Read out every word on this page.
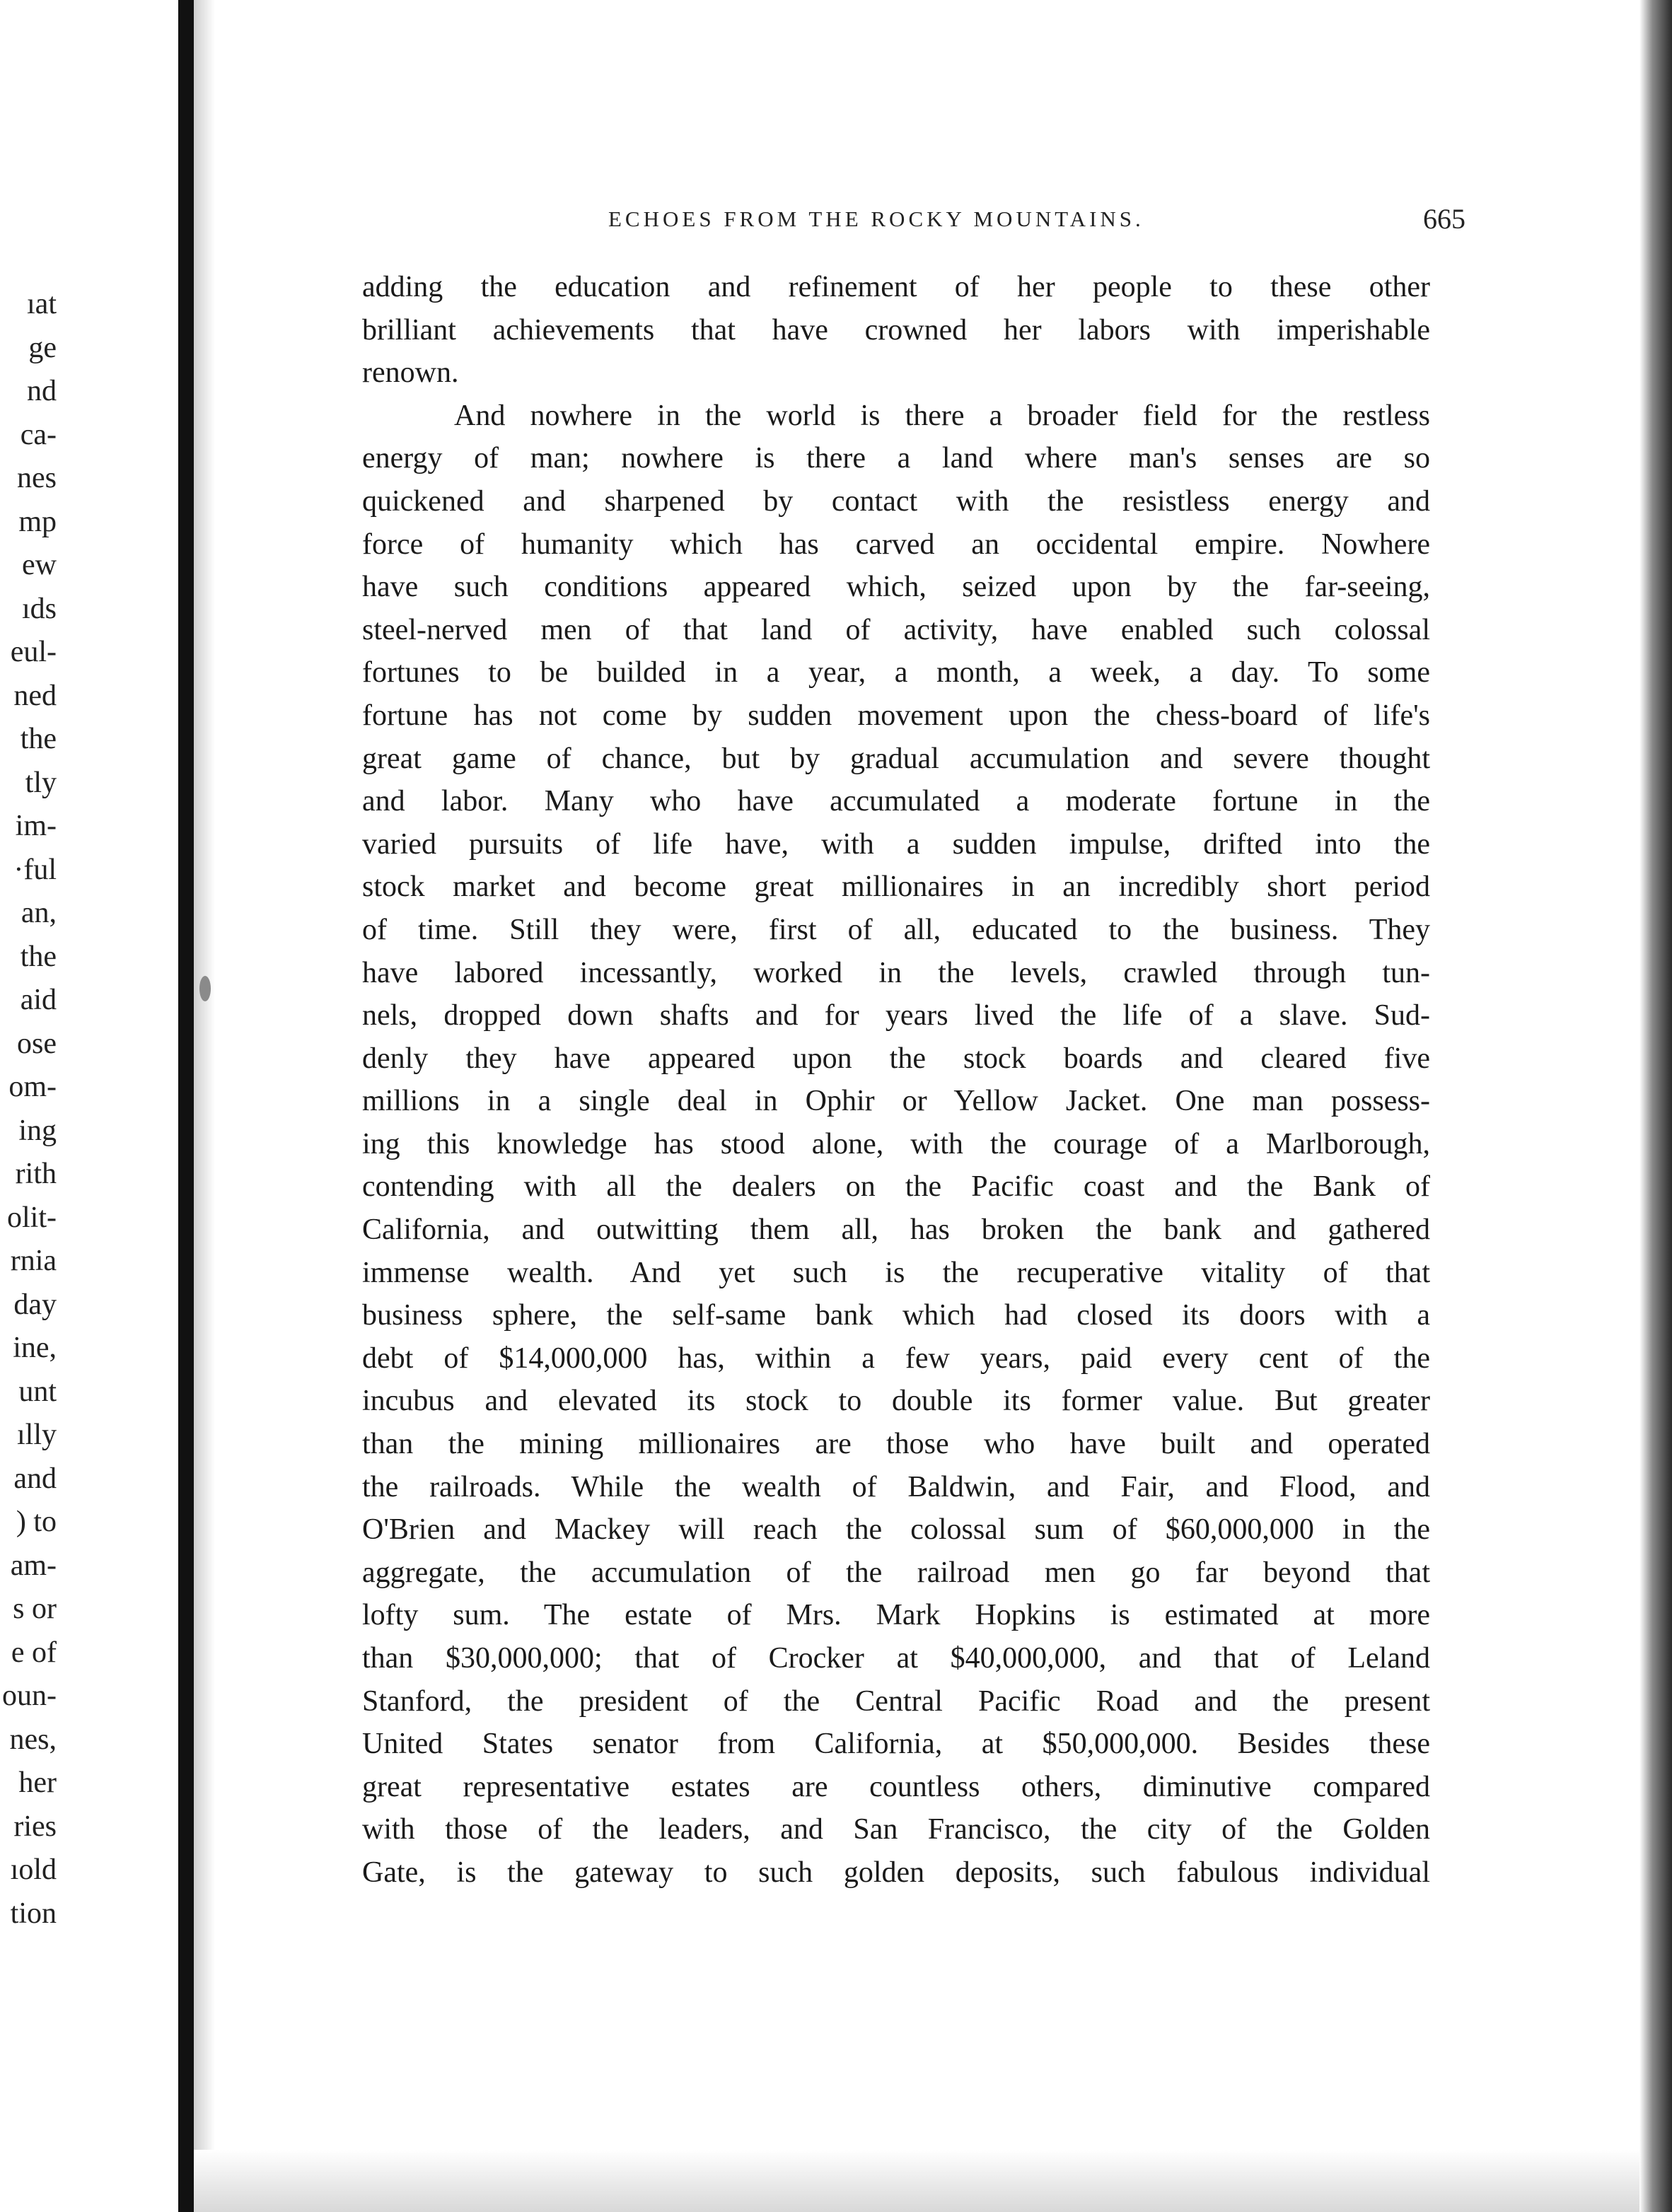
ıat
ge
nd
ca-
nes
mp
ew
ıds
eul-
ned
the
tly
im-
·ful
an,
the
aid
ose
om-
ing
rith
olit-
rnia
day
ine,
unt
ılly
and
) to
am-
s or
e of
oun-
nes,
her
ries
ıold
tion
ECHOES FROM THE ROCKY MOUNTAINS.	665
adding the education and refinement of her people to these other
brilliant achievements that have crowned her labors with imperishable
renown.
And nowhere in the world is there a broader field for the restless
energy of man; nowhere is there a land where man's senses are so
quickened and sharpened by contact with the resistless energy and
force of humanity which has carved an occidental empire. Nowhere
have such conditions appeared which, seized upon by the far-seeing,
steel-nerved men of that land of activity, have enabled such colossal
fortunes to be builded in a year, a month, a week, a day. To some
fortune has not come by sudden movement upon the chess-board of life's
great game of chance, but by gradual accumulation and severe thought
and labor. Many who have accumulated a moderate fortune in the
varied pursuits of life have, with a sudden impulse, drifted into the
stock market and become great millionaires in an incredibly short period
of time. Still they were, first of all, educated to the business. They
have labored incessantly, worked in the levels, crawled through tun-
nels, dropped down shafts and for years lived the life of a slave. Sud-
denly they have appeared upon the stock boards and cleared five
millions in a single deal in Ophir or Yellow Jacket. One man possess-
ing this knowledge has stood alone, with the courage of a Marlborough,
contending with all the dealers on the Pacific coast and the Bank of
California, and outwitting them all, has broken the bank and gathered
immense wealth. And yet such is the recuperative vitality of that
business sphere, the self-same bank which had closed its doors with a
debt of $14,000,000 has, within a few years, paid every cent of the
incubus and elevated its stock to double its former value. But greater
than the mining millionaires are those who have built and operated
the railroads. While the wealth of Baldwin, and Fair, and Flood, and
O'Brien and Mackey will reach the colossal sum of $60,000,000 in the
aggregate, the accumulation of the railroad men go far beyond that
lofty sum. The estate of Mrs. Mark Hopkins is estimated at more
than $30,000,000; that of Crocker at $40,000,000, and that of Leland
Stanford, the president of the Central Pacific Road and the present
United States senator from California, at $50,000,000. Besides these
great representative estates are countless others, diminutive compared
with those of the leaders, and San Francisco, the city of the Golden
Gate, is the gateway to such golden deposits, such fabulous individual
